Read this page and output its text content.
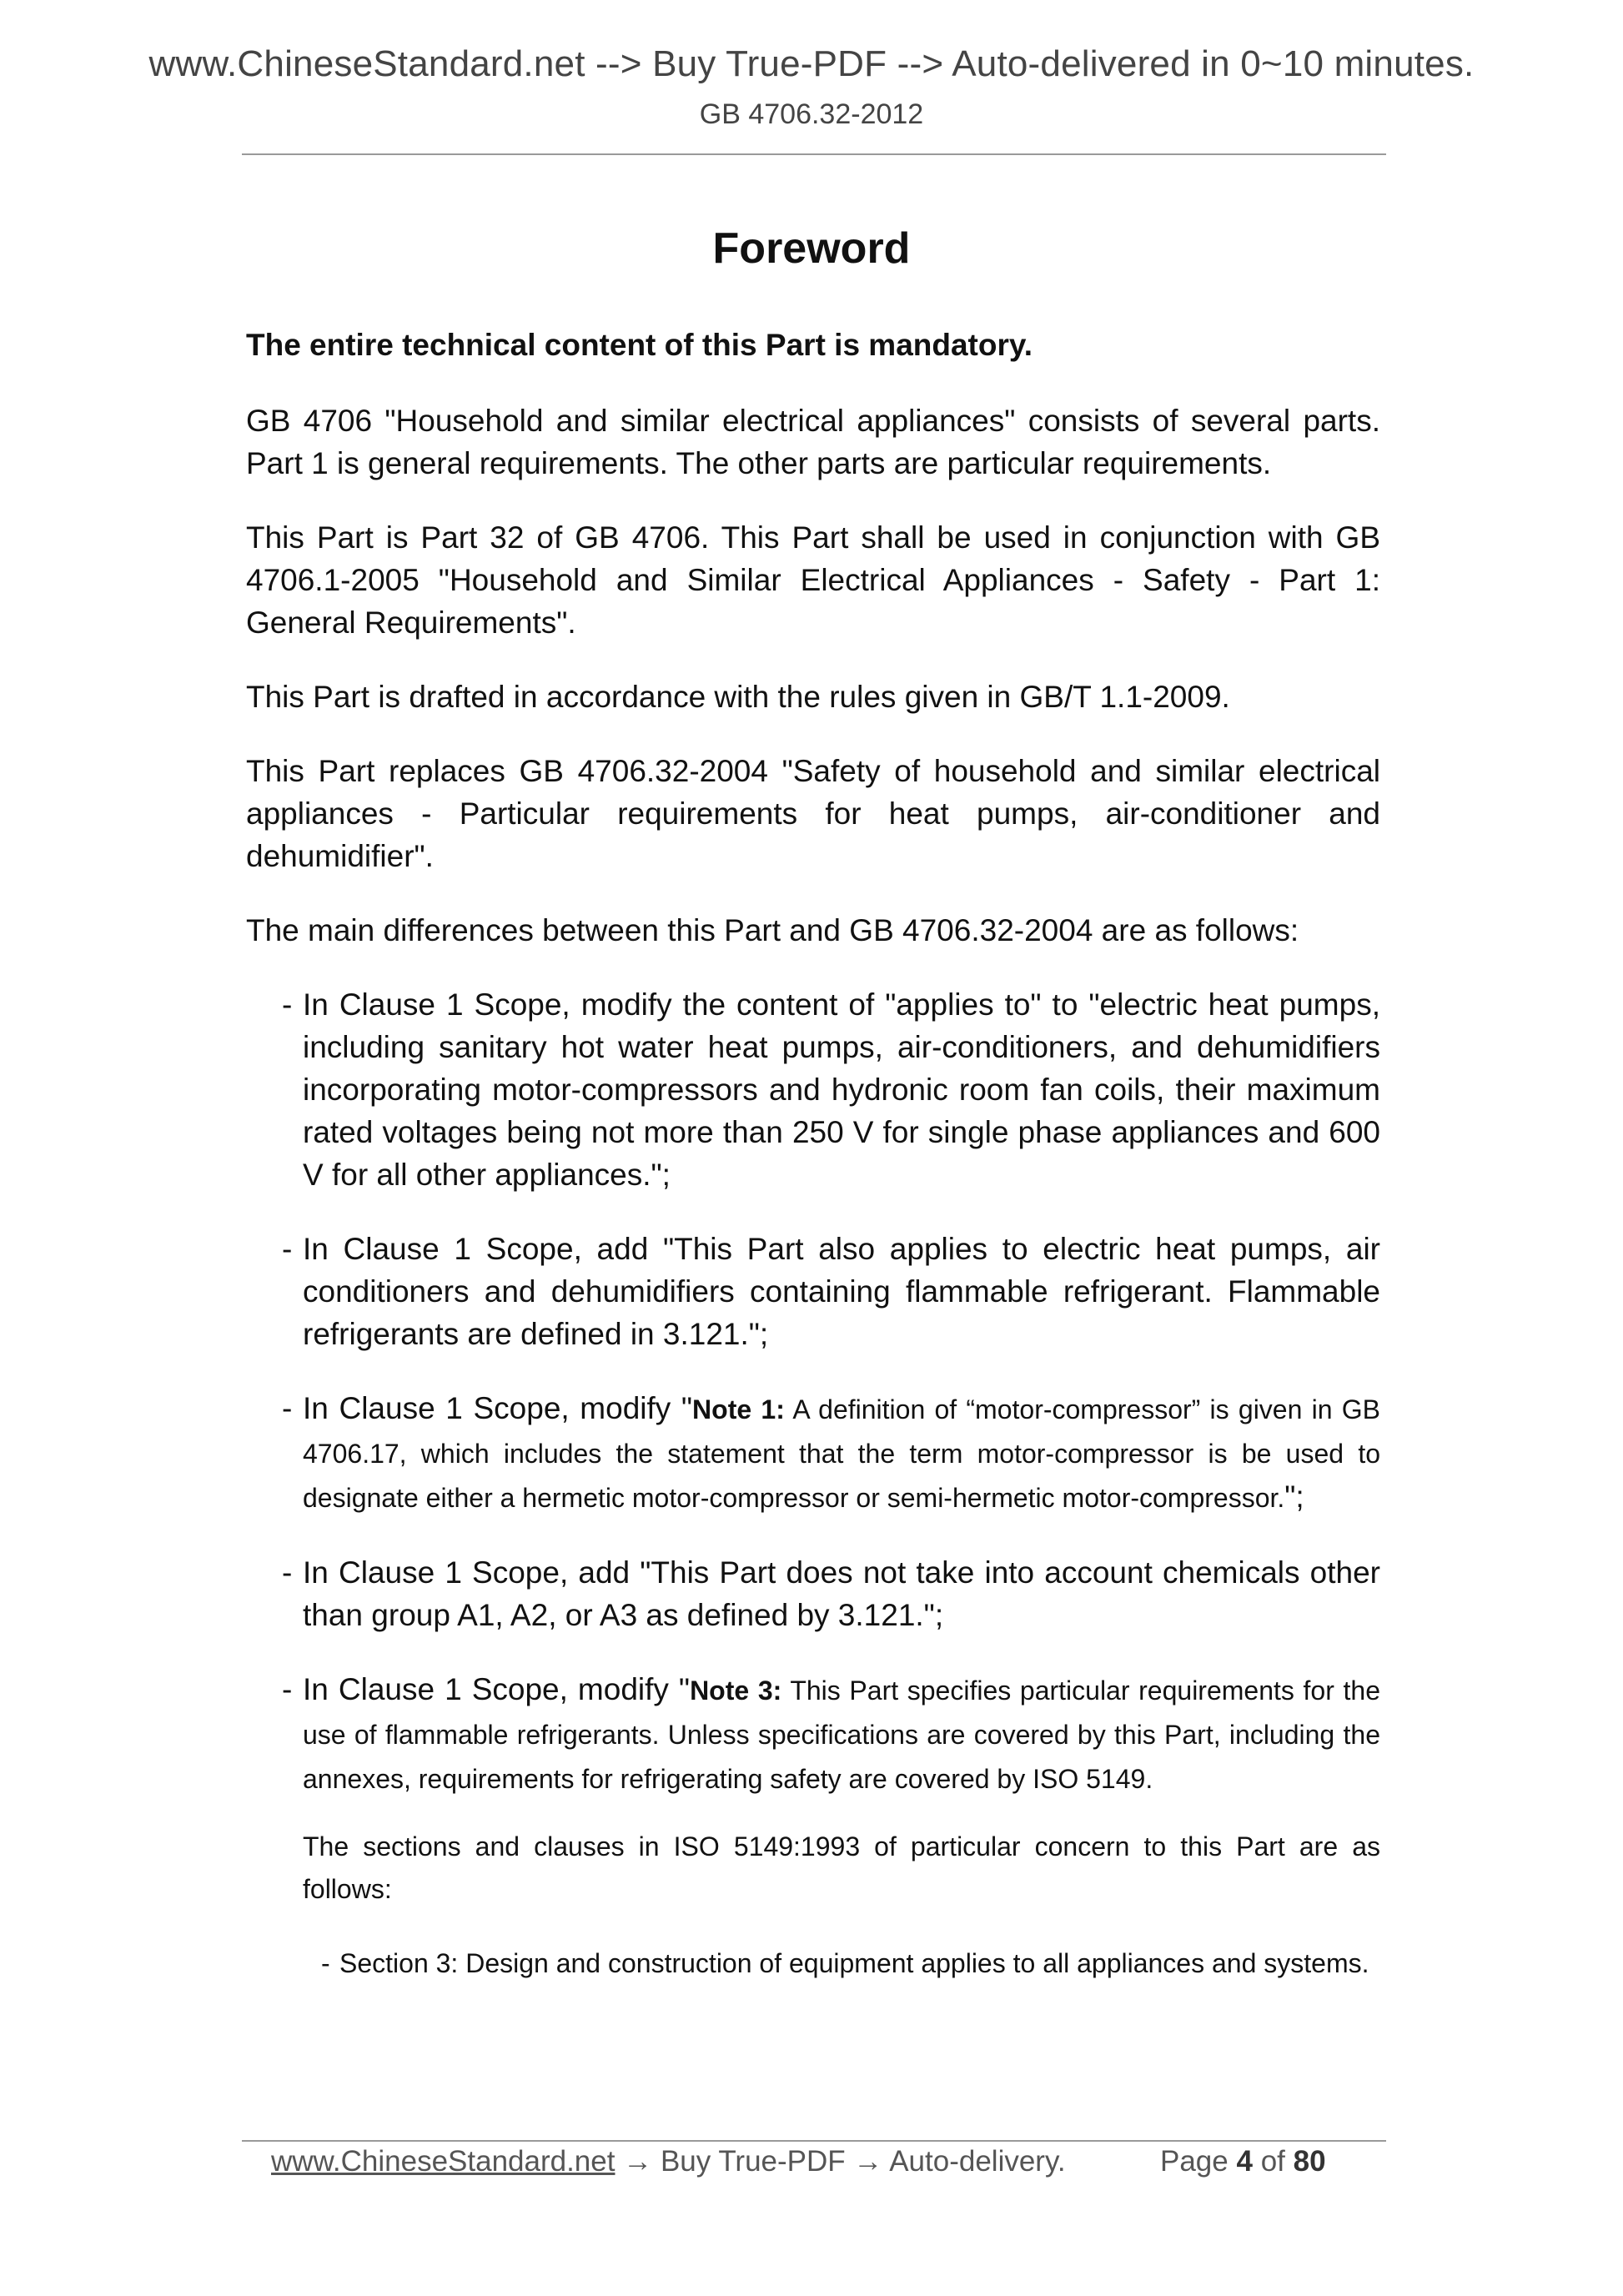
www.ChineseStandard.net --> Buy True-PDF --> Auto-delivered in 0~10 minutes.
GB 4706.32-2012
Foreword

The entire technical content of this Part is mandatory.

GB 4706 "Household and similar electrical appliances" consists of several parts. Part 1 is general requirements. The other parts are particular requirements.

This Part is Part 32 of GB 4706. This Part shall be used in conjunction with GB 4706.1-2005 "Household and Similar Electrical Appliances - Safety - Part 1: General Requirements".

This Part is drafted in accordance with the rules given in GB/T 1.1-2009.

This Part replaces GB 4706.32-2004 "Safety of household and similar electrical appliances - Particular requirements for heat pumps, air-conditioner and dehumidifier".

The main differences between this Part and GB 4706.32-2004 are as follows:

- In Clause 1 Scope, modify the content of "applies to" to "electric heat pumps, including sanitary hot water heat pumps, air-conditioners, and dehumidifiers incorporating motor-compressors and hydronic room fan coils, their maximum rated voltages being not more than 250 V for single phase appliances and 600 V for all other appliances.";
- In Clause 1 Scope, add "This Part also applies to electric heat pumps, air conditioners and dehumidifiers containing flammable refrigerant. Flammable refrigerants are defined in 3.121.";
- In Clause 1 Scope, modify "Note 1: A definition of “motor-compressor” is given in GB 4706.17, which includes the statement that the term motor-compressor is be used to designate either a hermetic motor-compressor or semi-hermetic motor-compressor.";
- In Clause 1 Scope, add "This Part does not take into account chemicals other than group A1, A2, or A3 as defined by 3.121.";
- In Clause 1 Scope, modify "Note 3: This Part specifies particular requirements for the use of flammable refrigerants. Unless specifications are covered by this Part, including the annexes, requirements for refrigerating safety are covered by ISO 5149.
The sections and clauses in ISO 5149:1993 of particular concern to this Part are as follows:
- Section 3: Design and construction of equipment applies to all appliances and systems.
www.ChineseStandard.net → Buy True-PDF → Auto-delivery.	Page 4 of 80
